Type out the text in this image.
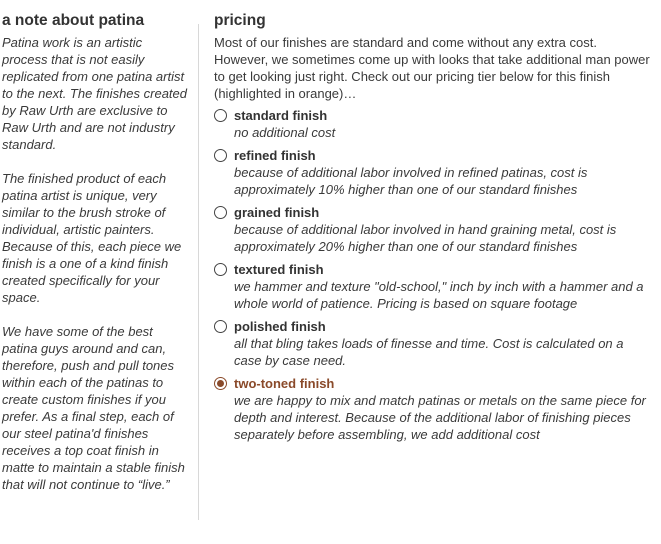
a note about patina

Patina work is an artistic process that is not easily replicated from one patina artist to the next. The finishes created by Raw Urth are exclusive to Raw Urth and are not industry standard.

The finished product of each patina artist is unique, very similar to the brush stroke of individual, artistic painters. Because of this, each piece we finish is a one of a kind finish created specifically for your space.

We have some of the best patina guys around and can, therefore, push and pull tones within each of the patinas to create custom finishes if you prefer. As a final step, each of our steel patina'd finishes receives a top coat finish in matte to maintain a stable finish that will not continue to “live.”

pricing

Most of our finishes are standard and come without any extra cost. However, we sometimes come up with looks that take additional man power to get looking just right. Check out our pricing tier below for this finish (highlighted in orange)…

standard finish
no additional cost
refined finish
because of additional labor involved in refined patinas, cost is approximately 10% higher than one of our standard finishes
grained finish
because of additional labor involved in hand graining metal, cost is approximately 20% higher than one of our standard finishes
textured finish
we hammer and texture "old-school," inch by inch with a hammer and a whole world of patience. Pricing is based on square footage
polished finish
all that bling takes loads of finesse and time. Cost is calculated on a case by case need.
two-toned finish
we are happy to mix and match patinas or metals on the same piece for depth and interest. Because of the additional labor of finishing pieces separately before assembling, we add additional cost
